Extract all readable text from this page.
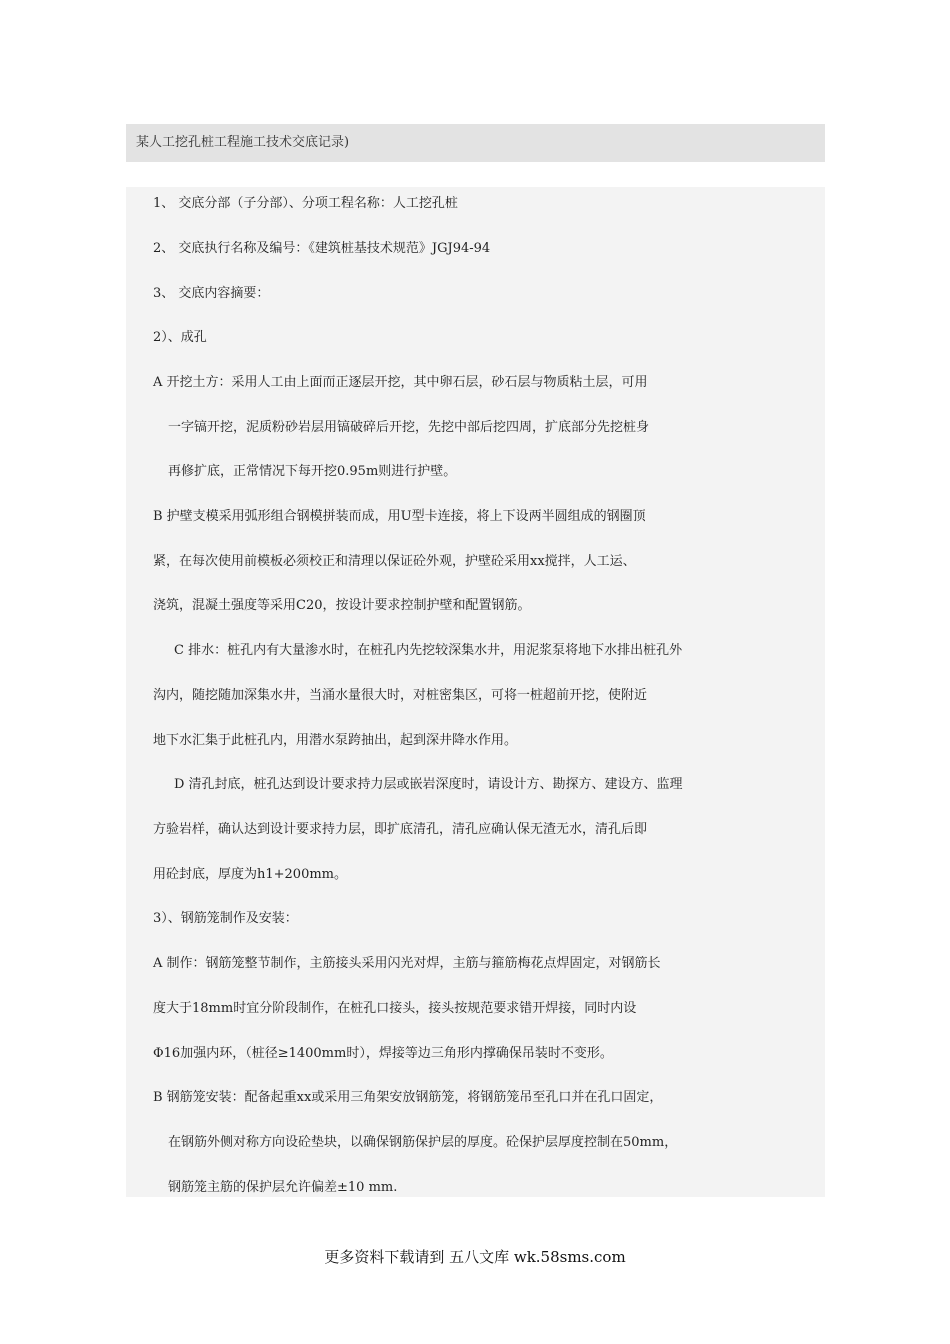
某人工挖孔桩工程施工技术交底记录)
1、 交底分部（子分部）、分项工程名称：人工挖孔桩
2、 交底执行名称及编号：《建筑桩基技术规范》JGJ94-94
3、 交底内容摘要：
2）、成孔
A 开挖土方：采用人工由上面而正逐层开挖，其中卵石层，砂石层与物质粘土层，可用
一字镐开挖，泥质粉砂岩层用镐破碎后开挖，先挖中部后挖四周，扩底部分先挖桩身
再修扩底，正常情况下每开挖0.95m则进行护壁。
B 护壁支模采用弧形组合钢模拼装而成，用U型卡连接，将上下设两半圆组成的钢圈顶
紧，在每次使用前模板必须校正和清理以保证砼外观，护壁砼采用xx搅拌，人工运、
浇筑，混凝土强度等采用C20，按设计要求控制护壁和配置钢筋。
C 排水：桩孔内有大量渗水时，在桩孔内先挖较深集水井，用泥浆泵将地下水排出桩孔外
沟内，随挖随加深集水井，当涌水量很大时，对桩密集区，可将一桩超前开挖，使附近
地下水汇集于此桩孔内，用潜水泵跨抽出，起到深井降水作用。
D 清孔封底，桩孔达到设计要求持力层或嵌岩深度时，请设计方、勘探方、建设方、监理
方验岩样，确认达到设计要求持力层，即扩底清孔，清孔应确认保无渣无水，清孔后即
用砼封底，厚度为h1+200mm。
3）、钢筋笼制作及安装：
A 制作：钢筋笼整节制作，主筋接头采用闪光对焊，主筋与箍筋梅花点焊固定，对钢筋长
度大于18mm时宜分阶段制作，在桩孔口接头，接头按规范要求错开焊接，同时内设
Φ16加强内环，（桩径≥1400mm时），焊接等边三角形内撑确保吊装时不变形。
B 钢筋笼安装：配备起重xx或采用三角架安放钢筋笼，将钢筋笼吊至孔口并在孔口固定，
在钢筋外侧对称方向设砼垫块，以确保钢筋保护层的厚度。砼保护层厚度控制在50mm，
钢筋笼主筋的保护层允许偏差±10 mm.
更多资料下载请到 五八文库 wk.58sms.com
